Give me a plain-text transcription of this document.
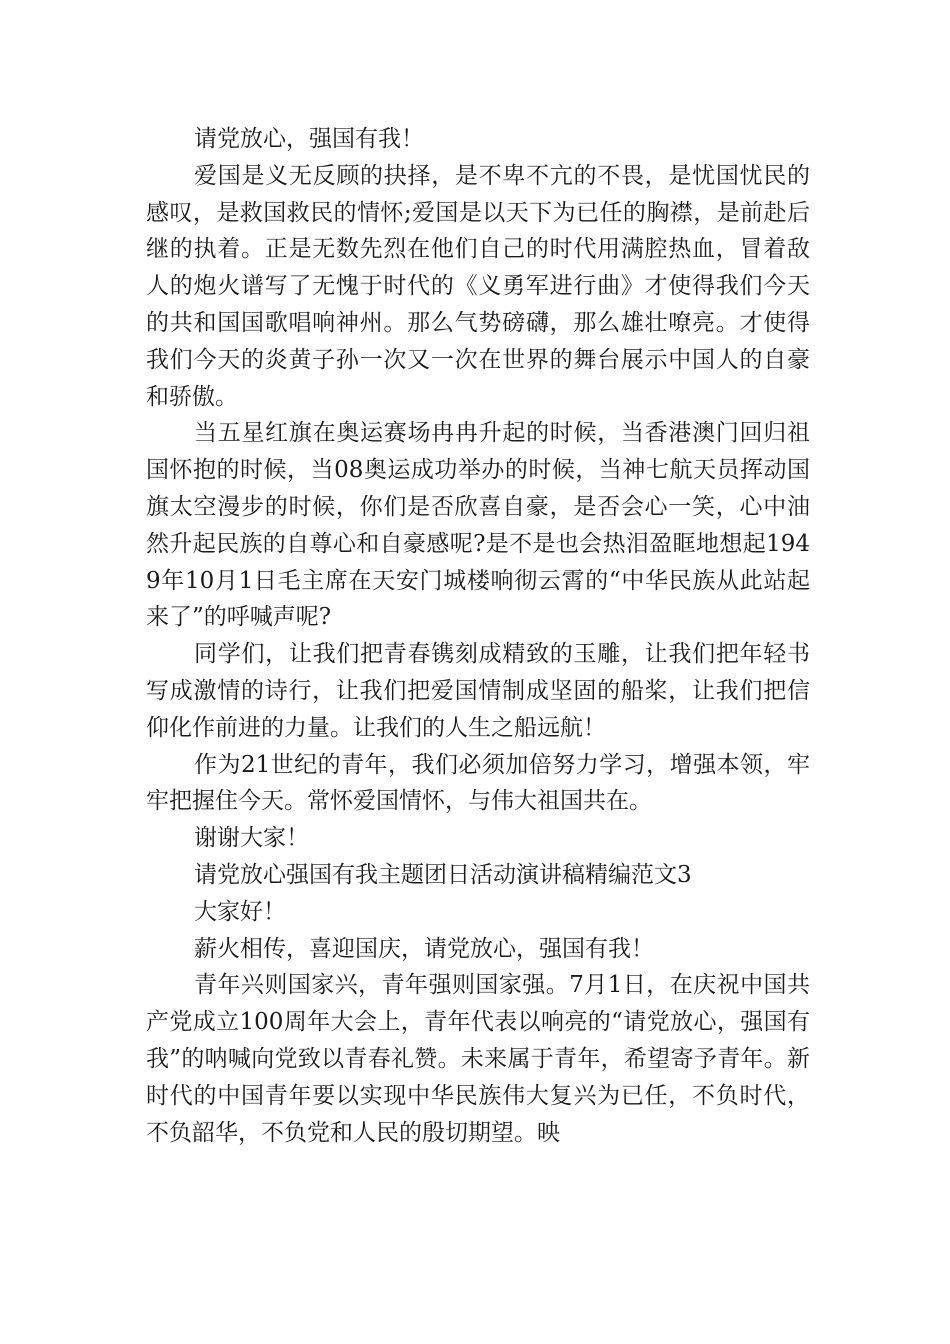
请党放心，强国有我！

爱国是义无反顾的抉择，是不卑不亢的不畏，是忧国忧民的感叹，是救国救民的情怀;爱国是以天下为已任的胸襟，是前赴后继的执着。正是无数先烈在他们自己的时代用满腔热血，冒着敌人的炮火谱写了无愧于时代的《义勇军进行曲》才使得我们今天的共和国国歌唱响神州。那么气势磅礴，那么雄壮嘹亮。才使得我们今天的炎黄子孙一次又一次在世界的舞台展示中国人的自豪和骄傲。

当五星红旗在奥运赛场冉冉升起的时候，当香港澳门回归祖国怀抱的时候，当08奥运成功举办的时候，当神七航天员挥动国旗太空漫步的时候，你们是否欣喜自豪，是否会心一笑，心中油然升起民族的自尊心和自豪感呢?是不是也会热泪盈眶地想起1949年10月1日毛主席在天安门城楼响彻云霄的“中华民族从此站起来了”的呼喊声呢?

同学们，让我们把青春镌刻成精致的玉雕，让我们把年轻书写成激情的诗行，让我们把爱国情制成坚固的船桨，让我们把信仰化作前进的力量。让我们的人生之船远航！

作为21世纪的青年，我们必须加倍努力学习，增强本领，牢牢把握住今天。常怀爱国情怀，与伟大祖国共在。

谢谢大家！

请党放心强国有我主题团日活动演讲稿精编范文3

大家好！

薪火相传，喜迎国庆，请党放心，强国有我！

青年兴则国家兴，青年强则国家强。7月1日，在庆祝中国共产党成立100周年大会上，青年代表以响亮的“请党放心，强国有我”的呐喊向党致以青春礼赞。未来属于青年，希望寄予青年。新时代的中国青年要以实现中华民族伟大复兴为已任，不负时代，不负韶华，不负党和人民的殷切期望。映
